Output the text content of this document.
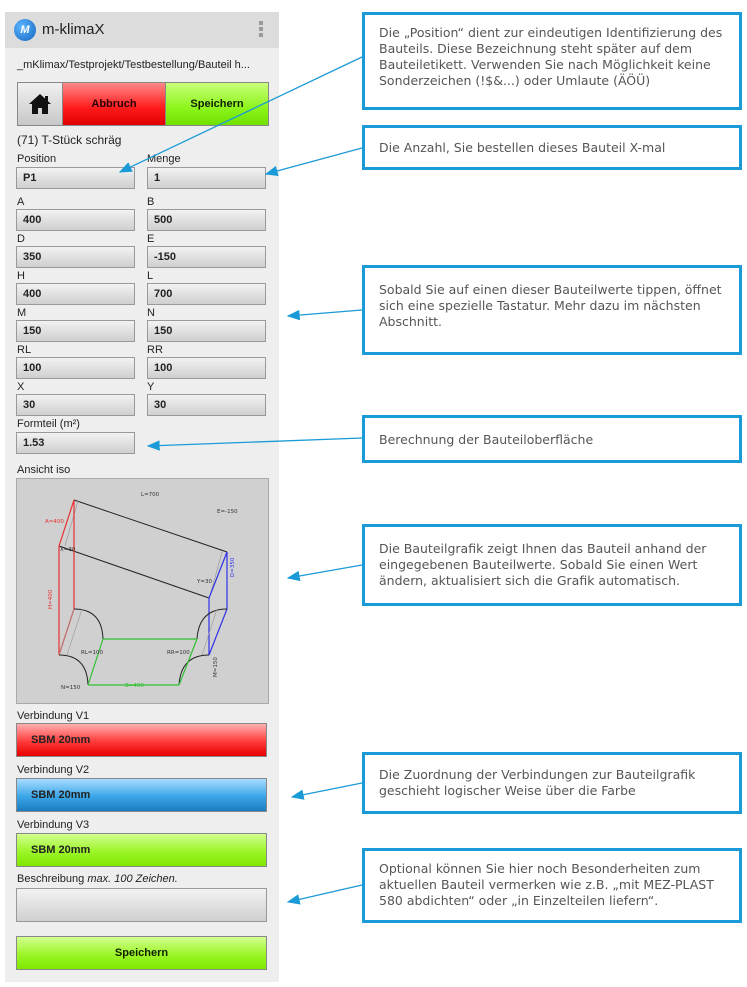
M m-klimaX
_mKlimax/Testprojekt/Testbestellung/Bauteil h...
Abbruch	Speichern
(71) T-Stück schräg
Position
P1
Menge
1
A
400
B
500
D
350
E
-150
H
400
L
700
M
150
N
150
RL
100
RR
100
X
30
Y
30
Formteil (m²)
1.53
Ansicht iso
L=700
E=-150
A=400
X=30
Y=30
D=350
H=400
RL=100	RR=100
M=150
N=150	B=400
Verbindung V1
SBM 20mm
Verbindung V2
SBM 20mm
Verbindung V3
SBM 20mm
Beschreibung max. 100 Zeichen.
Speichern
Die „Position“ dient zur eindeutigen Identifizierung des Bauteils. Diese Bezeichnung steht später auf dem Bauteiletikett. Verwenden Sie nach Möglichkeit keine Sonderzeichen (!$&...) oder Umlaute (ÄÖÜ)
Die Anzahl, Sie bestellen dieses Bauteil X-mal
Sobald Sie auf einen dieser Bauteilwerte tippen, öffnet sich eine spezielle Tastatur. Mehr dazu im nächsten Abschnitt.
Berechnung der Bauteiloberfläche
Die Bauteilgrafik zeigt Ihnen das Bauteil anhand der eingegebenen Bauteilwerte. Sobald Sie einen Wert ändern, aktualisiert sich die Grafik automatisch.
Die Zuordnung der Verbindungen zur Bauteilgrafik geschieht logischer Weise über die Farbe
Optional können Sie hier noch Besonderheiten zum aktuellen Bauteil vermerken wie z.B. „mit MEZ-PLAST 580 abdichten“ oder „in Einzelteilen liefern“.
